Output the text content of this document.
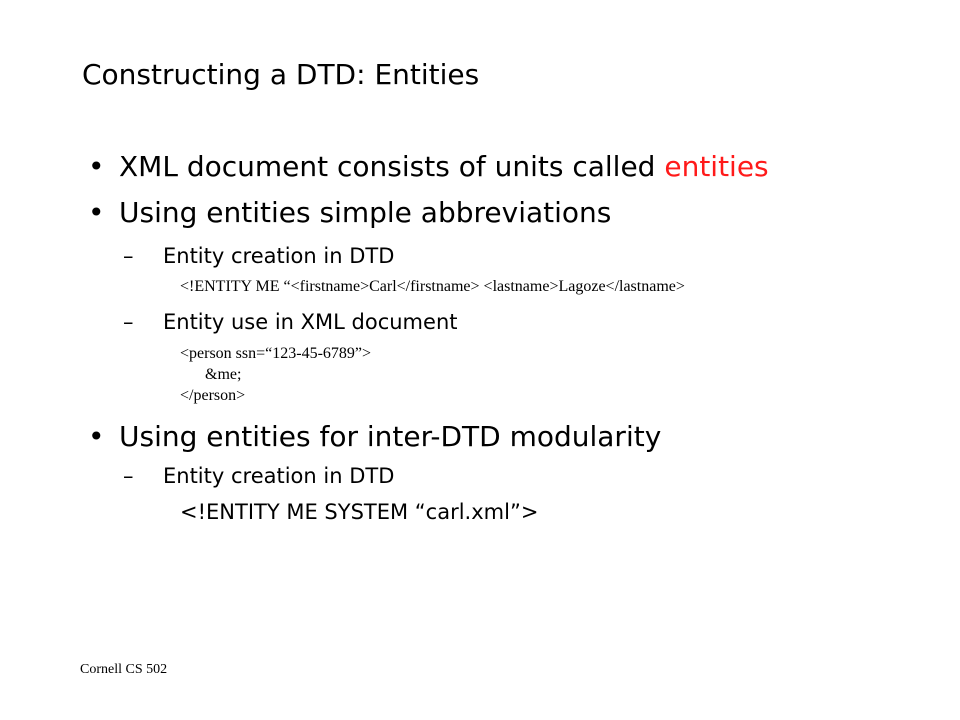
Constructing a DTD: Entities
• XML document consists of units called entities
• Using entities simple abbreviations
– Entity creation in DTD
<!ENTITY ME “<firstname>Carl</firstname> <lastname>Lagoze</lastname>
– Entity use in XML document
<person ssn=“123-45-6789”>
&me;
</person>
• Using entities for inter-DTD modularity
– Entity creation in DTD
<!ENTITY ME SYSTEM “carl.xml”>
Cornell CS 502
